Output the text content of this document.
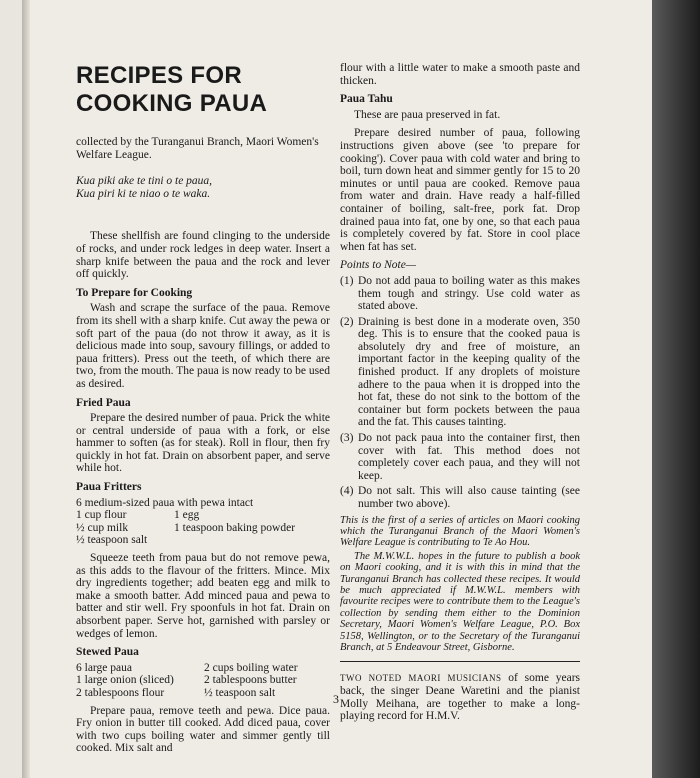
RECIPES FOR
COOKING PAUA

collected by the Turanganui Branch, Maori Women's Welfare League.

Kua piki ake te tini o te paua,
Kua piri ki te niao o te waka.

These shellfish are found clinging to the underside of rocks, and under rock ledges in deep water. Insert a sharp knife between the paua and the rock and lever off quickly.

To Prepare for Cooking

Wash and scrape the surface of the paua. Remove from its shell with a sharp knife. Cut away the pewa or soft part of the paua (do not throw it away, as it is delicious made into soup, savoury fillings, or added to paua fritters). Press out the teeth, of which there are two, from the mouth. The paua is now ready to be used as desired.

Fried Paua

Prepare the desired number of paua. Prick the white or central underside of paua with a fork, or else hammer to soften (as for steak). Roll in flour, then fry quickly in hot fat. Drain on absorbent paper, and serve while hot.

Paua Fritters
6 medium-sized paua with pewa intact
1 cup flour	1 egg
½ cup milk	1 teaspoon baking powder
½ teaspoon salt

Squeeze teeth from paua but do not remove pewa, as this adds to the flavour of the fritters. Mince. Mix dry ingredients together; add beaten egg and milk to make a smooth batter. Add minced paua and pewa to batter and stir well. Fry spoonfuls in hot fat. Drain on absorbent paper. Serve hot, garnished with parsley or wedges of lemon.

Stewed Paua
6 large paua	2 cups boiling water
1 large onion (sliced)	2 tablespoons butter
2 tablespoons flour	½ teaspoon salt

Prepare paua, remove teeth and pewa. Dice paua. Fry onion in butter till cooked. Add diced paua, cover with two cups boiling water and simmer gently till cooked. Mix salt and

flour with a little water to make a smooth paste and thicken.

Paua Tahu

These are paua preserved in fat.

Prepare desired number of paua, following instructions given above (see 'to prepare for cooking'). Cover paua with cold water and bring to boil, turn down heat and simmer gently for 15 to 20 minutes or until paua are cooked. Remove paua from water and drain. Have ready a half-filled container of boiling, salt-free, pork fat. Drop drained paua into fat, one by one, so that each paua is completely covered by fat. Store in cool place when fat has set.

Points to Note—
(1) Do not add paua to boiling water as this makes them tough and stringy. Use cold water as stated above.
(2) Draining is best done in a moderate oven, 350 deg. This is to ensure that the cooked paua is absolutely dry and free of moisture, an important factor in the keeping quality of the finished product. If any droplets of moisture adhere to the paua when it is dropped into the hot fat, these do not sink to the bottom of the container but form pockets between the paua and the fat. This causes tainting.
(3) Do not pack paua into the container first, then cover with fat. This method does not completely cover each paua, and they will not keep.
(4) Do not salt. This will also cause tainting (see number two above).

This is the first of a series of articles on Maori cooking which the Turanganui Branch of the Maori Women's Welfare League is contributing to Te Ao Hou.

The M.W.W.L. hopes in the future to publish a book on Maori cooking, and it is with this in mind that the Turanganui Branch has collected these recipes. It would be much appreciated if M.W.W.L. members with favourite recipes were to contribute them to the League's collection by sending them either to the Dominion Secretary, Maori Women's Welfare League, P.O. Box 5158, Wellington, or to the Secretary of the Turanganui Branch, at 5 Endeavour Street, Gisborne.

TWO NOTED MAORI MUSICIANS of some years back, the singer Deane Waretini and the pianist Molly Meihana, are together to make a long-playing record for H.M.V.

3
